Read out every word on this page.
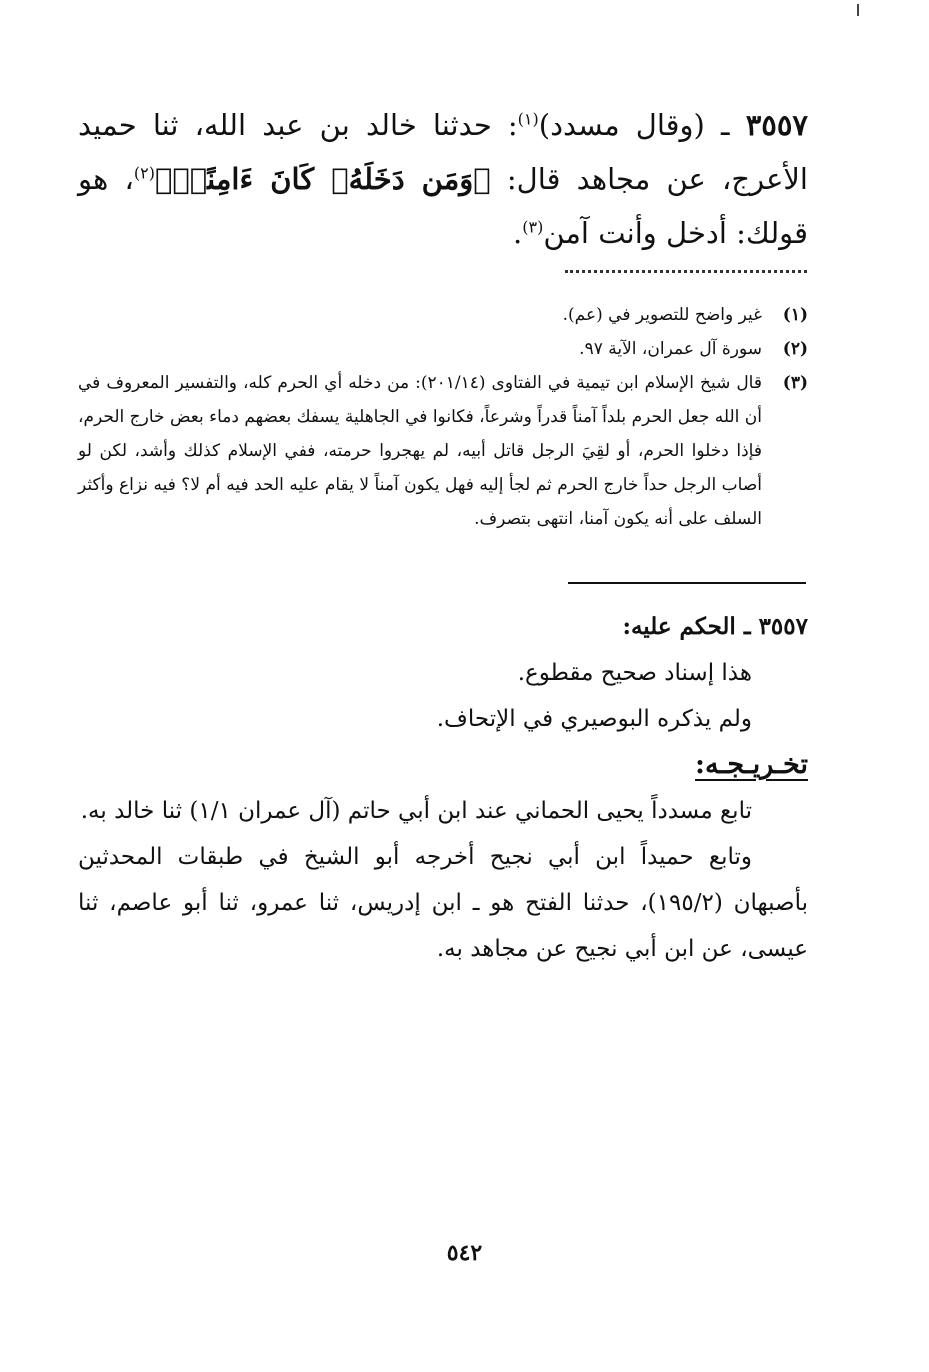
٣٥٥٧ ـ (وقال مسدد)$^{(١)}$: حدثنا خالد بن عبد الله، ثنا حميد الأعرج، عن مجاهد قال: ﴿وَمَن دَخَلَهُۥ كَانَ ءَامِنًاۗ﴾$^{(٢)}$، هو قولك: أدخل وأنت آمن$^{(٣)}$.
(١)
غير واضح للتصوير في (عم).
(٢)
سورة آل عمران، الآية ٩٧.
(٣)
قال شيخ الإسلام ابن تيمية في الفتاوى (٢٠١/١٤): من دخله أي الحرم كله، والتفسير المعروف في أن الله جعل الحرم بلداً آمناً قدراً وشرعاً، فكانوا في الجاهلية يسفك بعضهم دماء بعض خارج الحرم، فإذا دخلوا الحرم، أو لقِيَ الرجل قاتل أبيه، لم يهجروا حرمته، ففي الإسلام كذلك وأشد، لكن لو أصاب الرجل حداً خارج الحرم ثم لجأ إليه فهل يكون آمناً لا يقام عليه الحد فيه أم لا؟ فيه نزاع وأكثر السلف على أنه يكون آمنا، انتهى بتصرف.
٣٥٥٧ ـ الحكم عليه:
هذا إسناد صحيح مقطوع.
ولم يذكره البوصيري في الإتحاف.
تخـريـجـه:
تابع مسدداً يحيى الحماني عند ابن أبي حاتم (آل عمران ١/١) ثنا خالد به.
وتابع حميداً ابن أبي نجيح أخرجه أبو الشيخ في طبقات المحدثين بأصبهان (١٩٥/٢)، حدثنا الفتح هو ـ ابن إدريس، ثنا عمرو، ثنا أبو عاصم، ثنا عيسى، عن ابن أبي نجيح عن مجاهد به.
٥٤٢
